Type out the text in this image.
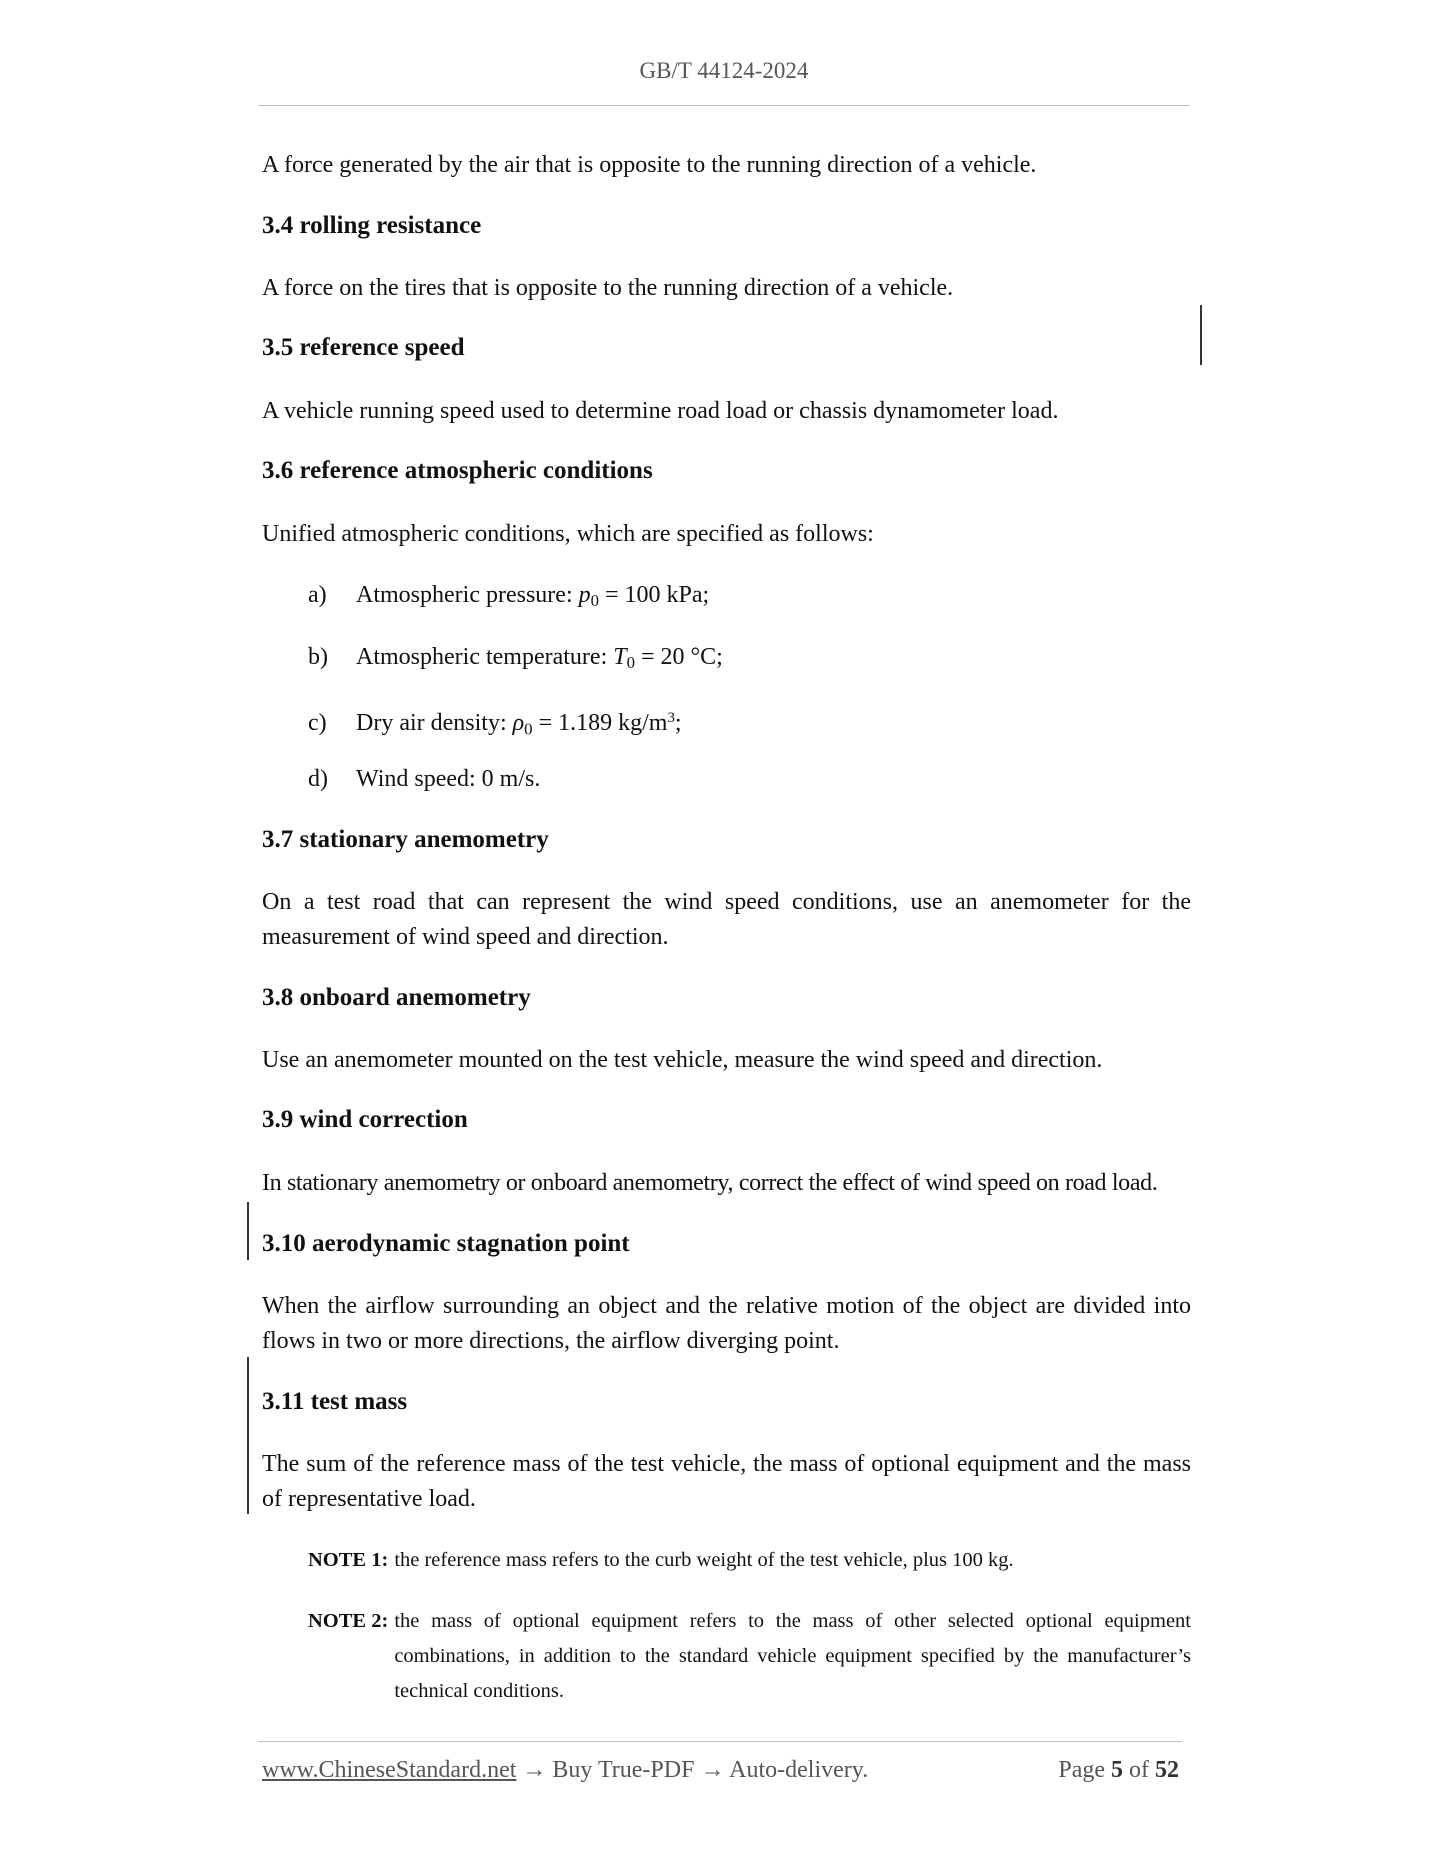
GB/T 44124-2024

A force generated by the air that is opposite to the running direction of a vehicle.

3.4 rolling resistance

A force on the tires that is opposite to the running direction of a vehicle.

3.5 reference speed

A vehicle running speed used to determine road load or chassis dynamometer load.

3.6 reference atmospheric conditions

Unified atmospheric conditions, which are specified as follows:

a) Atmospheric pressure: $p_0 = 100$ kPa;
b) Atmospheric temperature: $T_0 = 20$ °C;
c) Dry air density: $\rho_0 = 1.189$ $kg/m^3$;
d) Wind speed: 0 m/s.
3.7 stationary anemometry

On a test road that can represent the wind speed conditions, use an anemometer for the measurement of wind speed and direction.

3.8 onboard anemometry

Use an anemometer mounted on the test vehicle, measure the wind speed and direction.

3.9 wind correction

In stationary anemometry or onboard anemometry, correct the effect of wind speed on road load.

3.10 aerodynamic stagnation point

When the airflow surrounding an object and the relative motion of the object are divided into flows in two or more directions, the airflow diverging point.

3.11 test mass

The sum of the reference mass of the test vehicle, the mass of optional equipment and the mass of representative load.

NOTE 1: the reference mass refers to the curb weight of the test vehicle, plus 100 kg.
NOTE 2: the mass of optional equipment refers to the mass of other selected optional equipment combinations, in addition to the standard vehicle equipment specified by the manufacturer’s technical conditions.
www.ChineseStandard.net → Buy True-PDF → Auto-delivery.	Page 5 of 52
